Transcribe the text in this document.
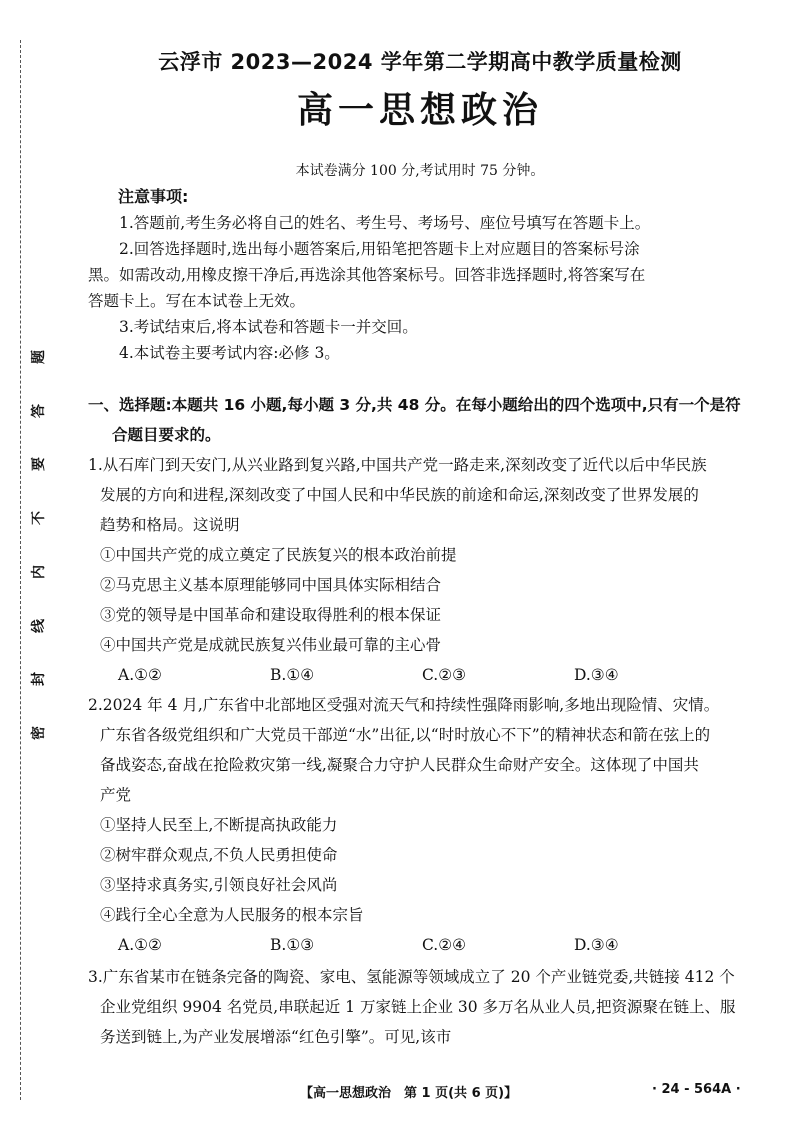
题
答
要
不
内
线
封
密
云浮市 2023—2024 学年第二学期高中教学质量检测
高一思想政治
本试卷满分 100 分,考试用时 75 分钟。
注意事项:

1.答题前,考生务必将自己的姓名、考生号、考场号、座位号填写在答题卡上。

2.回答选择题时,选出每小题答案后,用铅笔把答题卡上对应题目的答案标号涂

黑。如需改动,用橡皮擦干净后,再选涂其他答案标号。回答非选择题时,将答案写在

答题卡上。写在本试卷上无效。

3.考试结束后,将本试卷和答题卡一并交回。

4.本试卷主要考试内容:必修 3。

一、选择题:本题共 16 小题,每小题 3 分,共 48 分。在每小题给出的四个选项中,只有一个是符
合题目要求的。

1.从石库门到天安门,从兴业路到复兴路,中国共产党一路走来,深刻改变了近代以后中华民族

发展的方向和进程,深刻改变了中国人民和中华民族的前途和命运,深刻改变了世界发展的

趋势和格局。这说明

①中国共产党的成立奠定了民族复兴的根本政治前提

②马克思主义基本原理能够同中国具体实际相结合

③党的领导是中国革命和建设取得胜利的根本保证

④中国共产党是成就民族复兴伟业最可靠的主心骨

A.①②	B.①④	C.②③	D.③④

2.2024 年 4 月,广东省中北部地区受强对流天气和持续性强降雨影响,多地出现险情、灾情。

广东省各级党组织和广大党员干部逆“水”出征,以“时时放心不下”的精神状态和箭在弦上的

备战姿态,奋战在抢险救灾第一线,凝聚合力守护人民群众生命财产安全。这体现了中国共

产党

①坚持人民至上,不断提高执政能力

②树牢群众观点,不负人民勇担使命

③坚持求真务实,引领良好社会风尚

④践行全心全意为人民服务的根本宗旨

A.①②	B.①③	C.②④	D.③④

3.广东省某市在链条完备的陶瓷、家电、氢能源等领域成立了 20 个产业链党委,共链接 412 个

企业党组织 9904 名党员,串联起近 1 万家链上企业 30 多万名从业人员,把资源聚在链上、服

务送到链上,为产业发展增添“红色引擎”。可见,该市

【高一思想政治　第 1 页(共 6 页)】	· 24 - 564A ·
